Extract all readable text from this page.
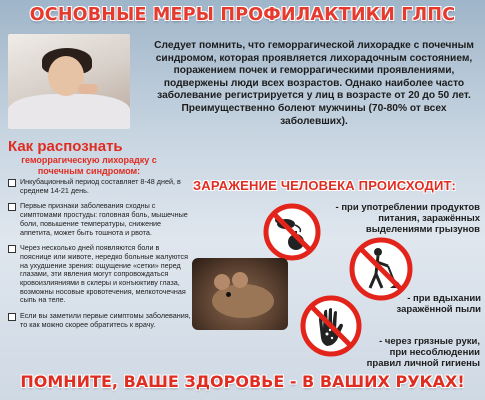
ОСНОВНЫЕ МЕРЫ ПРОФИЛАКТИКИ ГЛПС
Следует помнить, что геморрагической лихорадке с почечным синдромом, которая проявляется лихорадочным состоянием, поражением почек и геморрагическими проявлениями, подвержены люди всех возрастов. Однако наиболее часто заболевание регистрируется у лиц в возрасте от 20 до 50 лет. Преимущественно болеют мужчины (70-80% от всех заболевших).
Как распознать
геморрагическую лихорадку с почечным синдромом:
Инкубационный период составляет 8-48 дней, в среднем 14-21 день.
Первые признаки заболевания сходны с симптомами простуды: головная боль, мышечные боли, повышение температуры, снижение аппетита, может быть тошнота и рвота.
Через несколько дней появляются боли в пояснице или животе, нередко больные жалуются на ухудшение зрения: ощущение «сетки» перед глазами, эти явления могут сопровождаться кровоизлияниями в склеры и конъюктиву глаза, возможны носовые кровотечения, мелкоточечная сыпь на теле.
Если вы заметили первые симптомы заболевания, то как можно скорее обратитесь к врачу.
ЗАРАЖЕНИЕ ЧЕЛОВЕКА ПРОИСХОДИТ:
- при употреблении продуктов питания, заражённых выделениями грызунов
- при вдыхании заражённой пыли
- через грязные руки, при несоблюдении правил личной гигиены
ПОМНИТЕ, ВАШЕ ЗДОРОВЬЕ - В ВАШИХ РУКАХ!
